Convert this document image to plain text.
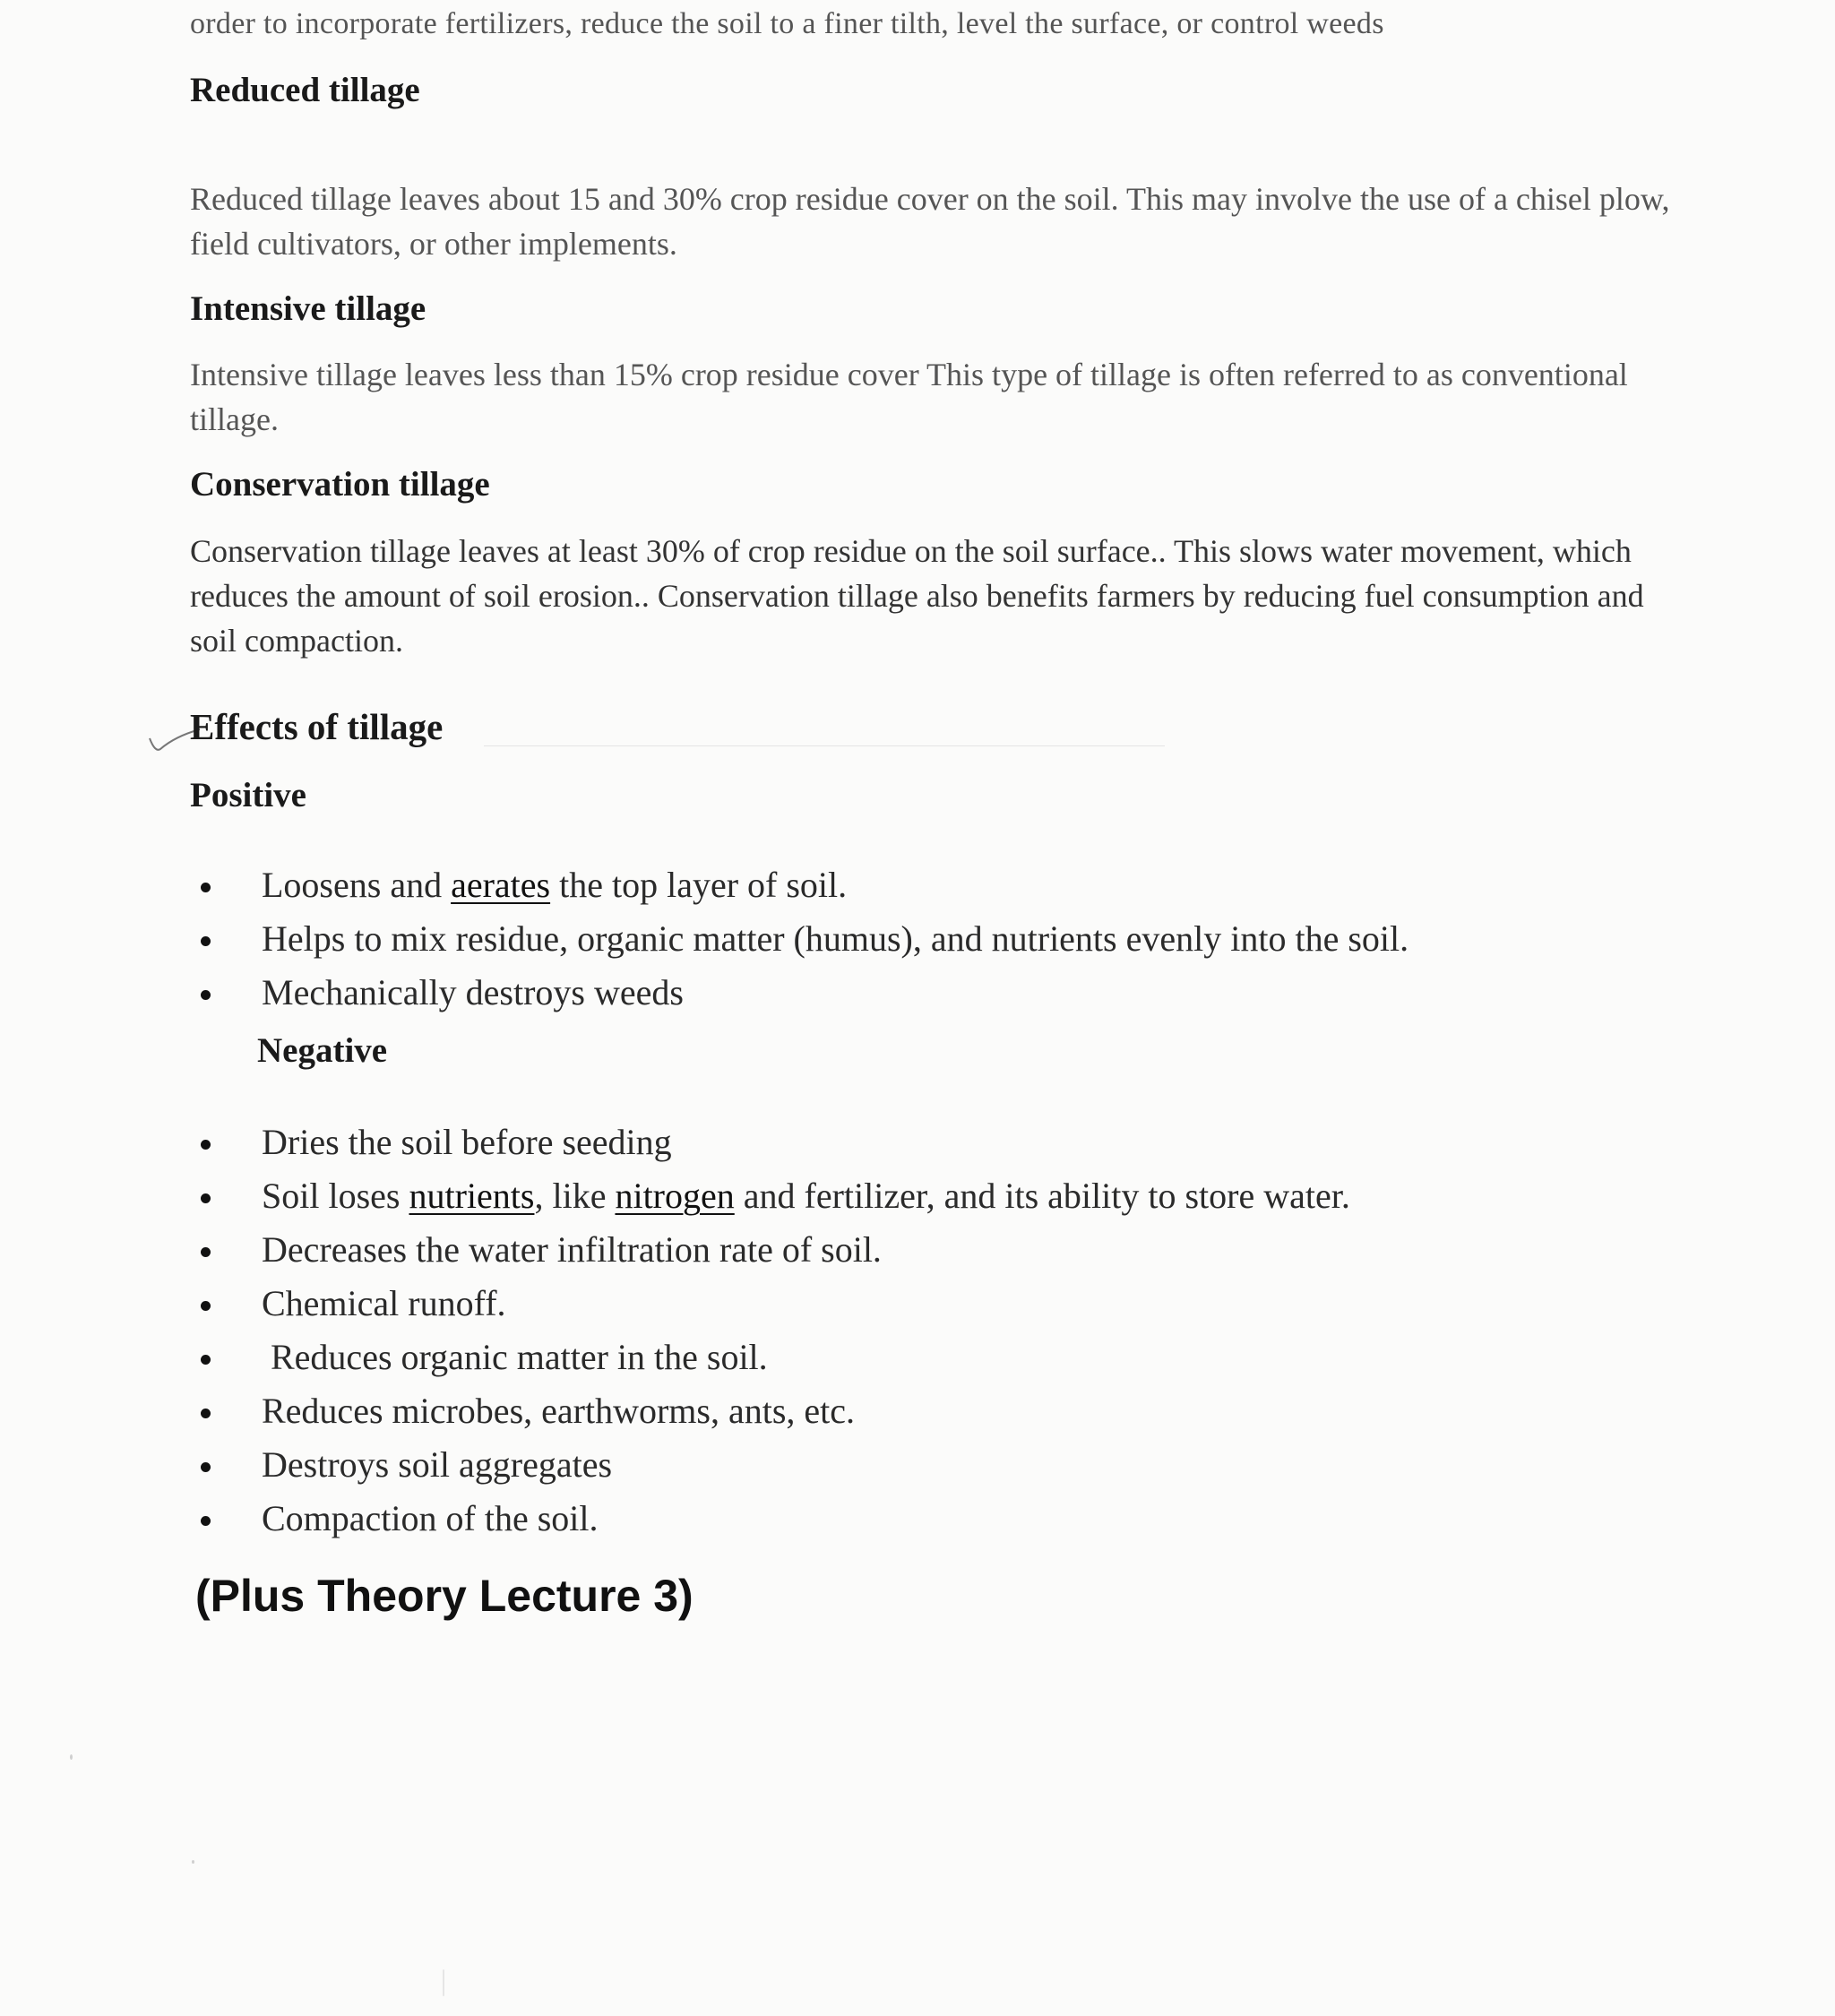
order to incorporate fertilizers, reduce the soil to a finer tilth, level the surface, or control weeds
Reduced tillage
Reduced tillage leaves about 15 and 30% crop residue cover on the soil. This may involve the use of a chisel plow, field cultivators, or other implements.
Intensive tillage
Intensive tillage leaves less than 15% crop residue cover This type of tillage is often referred to as conventional tillage.
Conservation tillage
Conservation tillage leaves at least 30% of crop residue on the soil surface.. This slows water movement, which reduces the amount of soil erosion.. Conservation tillage also benefits farmers by reducing fuel consumption and soil compaction.
Effects of tillage
Positive
Loosens and aerates the top layer of soil.
Helps to mix residue, organic matter (humus), and nutrients evenly into the soil.
Mechanically destroys weeds
Negative
Dries the soil before seeding
Soil loses nutrients, like nitrogen and fertilizer, and its ability to store water.
Decreases the water infiltration rate of soil.
Chemical runoff.
Reduces organic matter in the soil.
Reduces microbes, earthworms, ants, etc.
Destroys soil aggregates
Compaction of the soil.
(Plus Theory Lecture 3)
